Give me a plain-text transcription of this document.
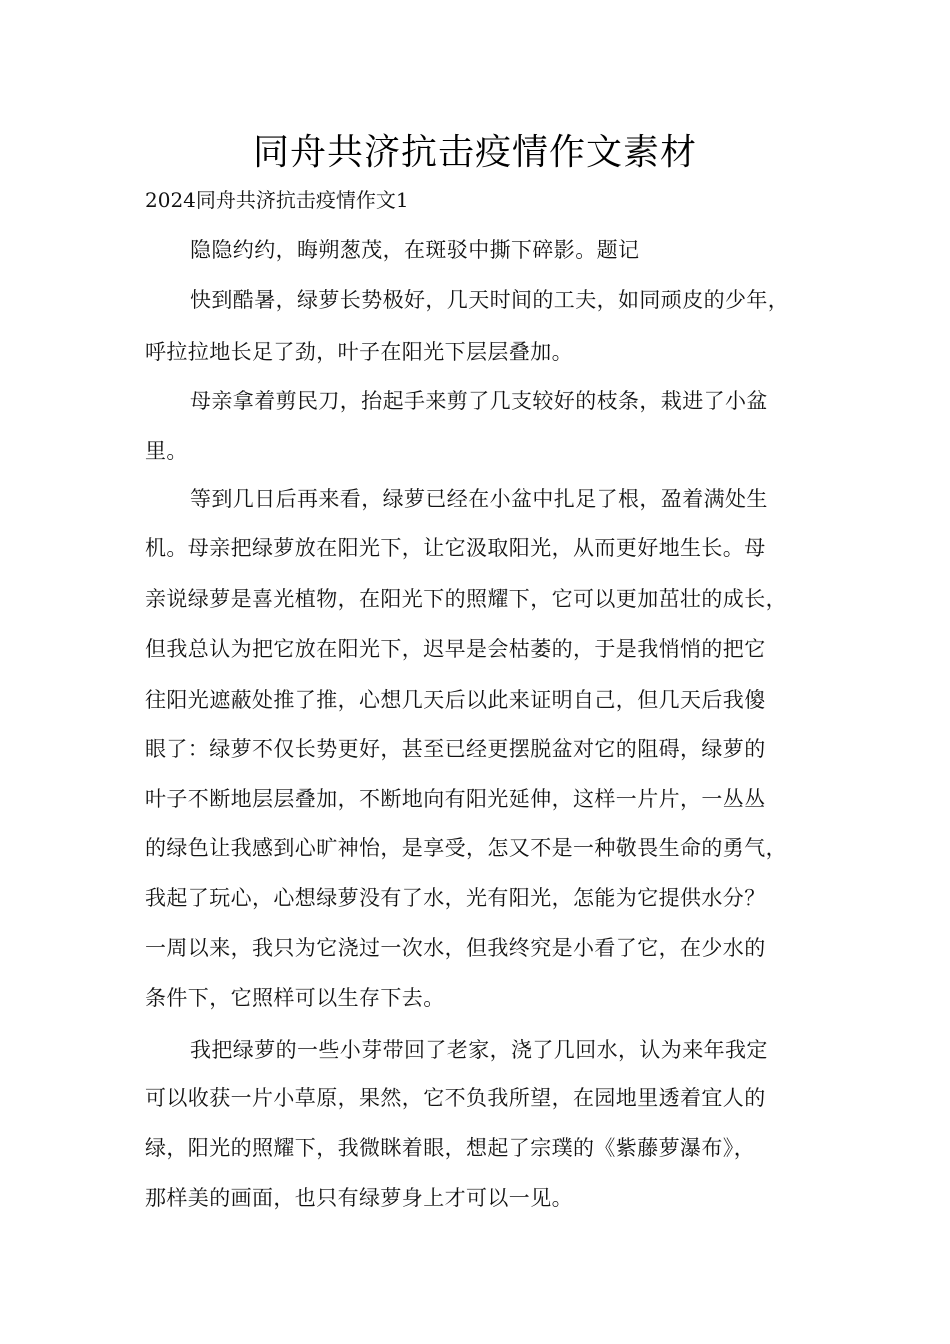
同舟共济抗击疫情作文素材

2024同舟共济抗击疫情作文1

隐隐约约，晦朔葱茂，在斑驳中撕下碎影。题记

快到酷暑，绿萝长势极好，几天时间的工夫，如同顽皮的少年，

呼拉拉地长足了劲，叶子在阳光下层层叠加。

母亲拿着剪民刀，抬起手来剪了几支较好的枝条，栽进了小盆

里。

等到几日后再来看，绿萝已经在小盆中扎足了根，盈着满处生

机。母亲把绿萝放在阳光下，让它汲取阳光，从而更好地生长。母

亲说绿萝是喜光植物，在阳光下的照耀下，它可以更加茁壮的成长，

但我总认为把它放在阳光下，迟早是会枯萎的，于是我悄悄的把它

往阳光遮蔽处推了推，心想几天后以此来证明自己，但几天后我傻

眼了：绿萝不仅长势更好，甚至已经更摆脱盆对它的阻碍，绿萝的

叶子不断地层层叠加，不断地向有阳光延伸，这样一片片，一丛丛

的绿色让我感到心旷神怡，是享受，怎又不是一种敬畏生命的勇气，

我起了玩心，心想绿萝没有了水，光有阳光，怎能为它提供水分？

一周以来，我只为它浇过一次水，但我终究是小看了它，在少水的

条件下，它照样可以生存下去。

我把绿萝的一些小芽带回了老家，浇了几回水，认为来年我定

可以收获一片小草原，果然，它不负我所望，在园地里透着宜人的

绿，阳光的照耀下，我微眯着眼，想起了宗璞的《紫藤萝瀑布》，

那样美的画面，也只有绿萝身上才可以一见。
